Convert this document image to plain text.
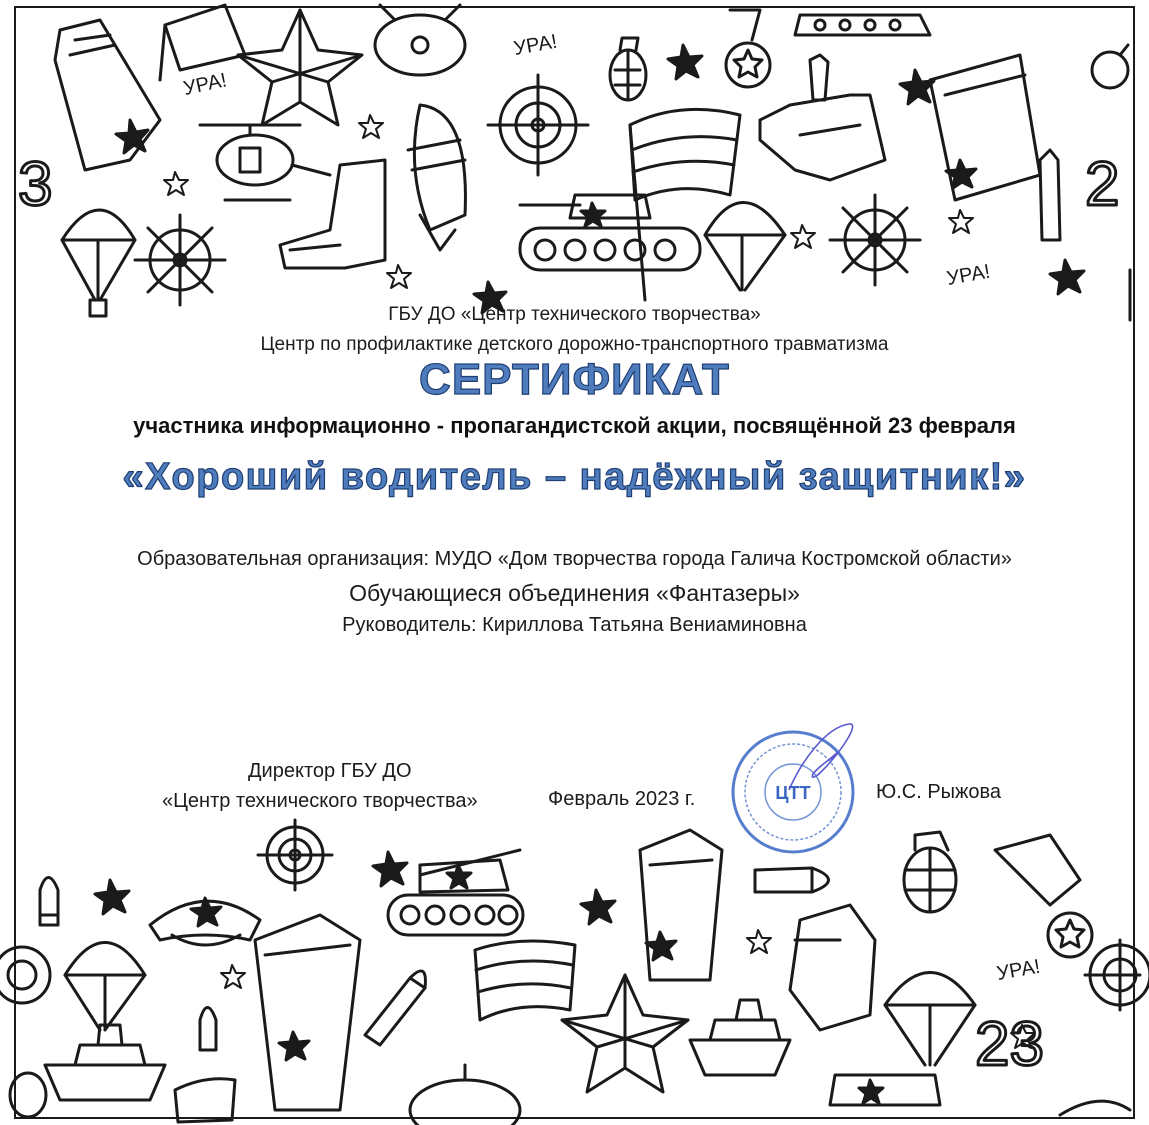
УРА!
УРА!
3	2
УРА!
ГБУ ДО «Центр технического творчества»
Центр по профилактике детского дорожно-транспортного травматизма
СЕРТИФИКАТ
участника информационно - пропагандистской акции, посвящённой 23 февраля
«Хороший водитель – надёжный защитник!»
Образовательная организация: МУДО «Дом творчества города Галича Костромской области»
Обучающиеся объединения «Фантазеры»
Руководитель: Кириллова Татьяна Вениаминовна
Директор ГБУ ДО
«Центр технического творчества»	Февраль 2023 г.	Ю.С. Рыжова
ЦТТ
УРА!
23
